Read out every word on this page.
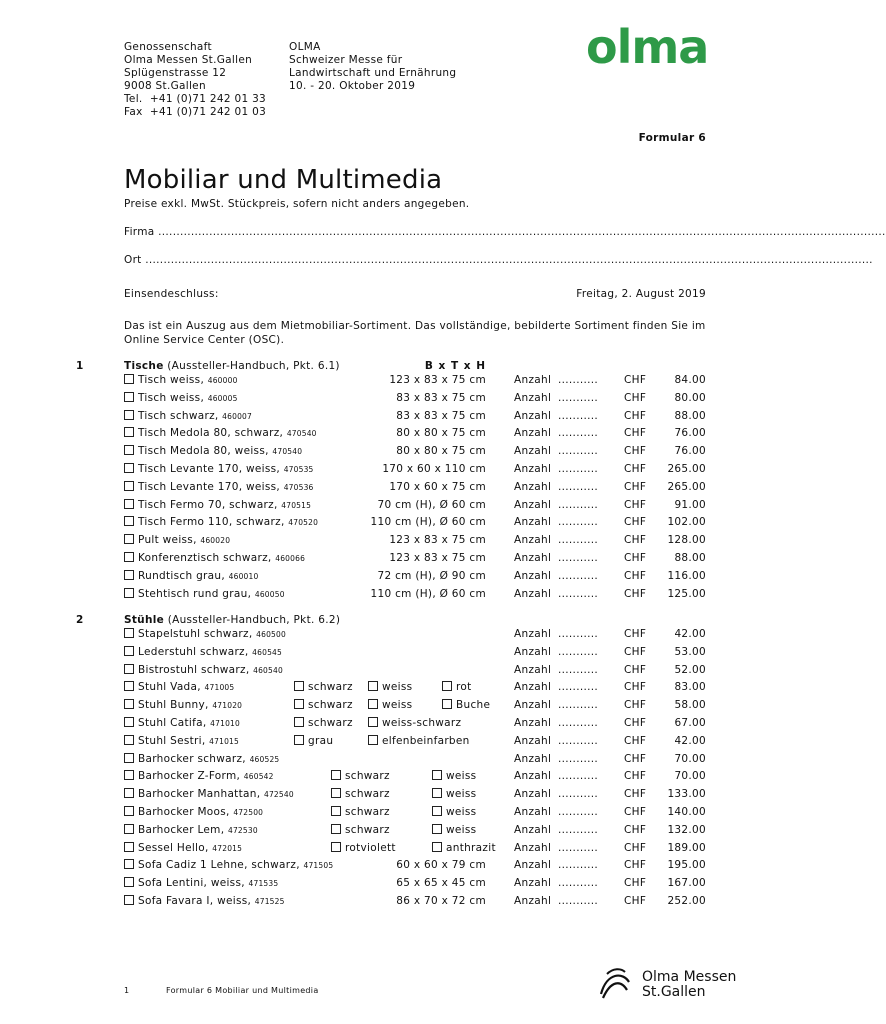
Genossenschaft
Olma Messen St.Gallen
Splügenstrasse 12
9008 St.Gallen
Tel.  +41 (0)71 242 01 33
Fax  +41 (0)71 242 01 03
OLMA
Schweizer Messe für
Landwirtschaft und Ernährung
10. - 20. Oktober 2019
olma
Formular 6
Mobiliar und Multimedia
Preise exkl. MwSt. Stückpreis, sofern nicht anders angegeben.
Firma ........................................................................................................................................................................................................
Ort ........................................................................................................................................................................................................
Einsendeschluss:	Freitag, 2. August 2019
Das ist ein Auszug aus dem Mietmobiliar-Sortiment. Das vollständige, bebilderte Sortiment finden Sie im Online Service Center (OSC).
1	Tische (Aussteller-Handbuch, Pkt. 6.1)	B x T x H
Tisch weiss, 460000	123 x 83 x 75 cm	Anzahl ........... CHF	84.00
Tisch weiss, 460005	83 x 83 x 75 cm	Anzahl ........... CHF	80.00
Tisch schwarz, 460007	83 x 83 x 75 cm	Anzahl ........... CHF	88.00
Tisch Medola 80, schwarz, 470540	80 x 80 x 75 cm	Anzahl ........... CHF	76.00
Tisch Medola 80, weiss, 470540	80 x 80 x 75 cm	Anzahl ........... CHF	76.00
Tisch Levante 170, weiss, 470535	170 x 60 x 110 cm	Anzahl ........... CHF	265.00
Tisch Levante 170, weiss, 470536	170 x 60 x 75 cm	Anzahl ........... CHF	265.00
Tisch Fermo 70, schwarz, 470515	70 cm (H), Ø 60 cm	Anzahl ........... CHF	91.00
Tisch Fermo 110, schwarz, 470520	110 cm (H), Ø 60 cm	Anzahl ........... CHF	102.00
Pult weiss, 460020	123 x 83 x 75 cm	Anzahl ........... CHF	128.00
Konferenztisch schwarz, 460066	123 x 83 x 75 cm	Anzahl ........... CHF	88.00
Rundtisch grau, 460010	72 cm (H), Ø 90 cm	Anzahl ........... CHF	116.00
Stehtisch rund grau, 460050	110 cm (H), Ø 60 cm	Anzahl ........... CHF	125.00
2	Stühle (Aussteller-Handbuch, Pkt. 6.2)
Stapelstuhl schwarz, 460500	Anzahl ........... CHF	42.00
Lederstuhl schwarz, 460545	Anzahl ........... CHF	53.00
Bistrostuhl schwarz, 460540	Anzahl ........... CHF	52.00
Stuhl Vada, 471005	schwarz	weiss	rot	Anzahl ........... CHF	83.00
Stuhl Bunny, 471020	schwarz	weiss	Buche Anzahl ........... CHF	58.00
Stuhl Catifa, 471010	schwarz	weiss-schwarz	Anzahl ........... CHF	67.00
Stuhl Sestri, 471015	grau	elfenbeinfarben	Anzahl ........... CHF	42.00
Barhocker schwarz, 460525	Anzahl ........... CHF	70.00
Barhocker Z-Form, 460542	schwarz	weiss	Anzahl ........... CHF	70.00
Barhocker Manhattan, 472540	schwarz	weiss	Anzahl ........... CHF	133.00
Barhocker Moos, 472500	schwarz	weiss	Anzahl ........... CHF	140.00
Barhocker Lem, 472530	schwarz	weiss	Anzahl ........... CHF	132.00
Sessel Hello, 472015	rotviolett	anthrazit Anzahl ........... CHF	189.00
Sofa Cadiz 1 Lehne, schwarz, 471505	60 x 60 x 79 cm	Anzahl ........... CHF	195.00
Sofa Lentini, weiss, 471535	65 x 65 x 45 cm	Anzahl ........... CHF	167.00
Sofa Favara I, weiss, 471525	86 x 70 x 72 cm	Anzahl ........... CHF	252.00
1	Formular 6 Mobiliar und Multimedia
Olma Messen
St.Gallen
